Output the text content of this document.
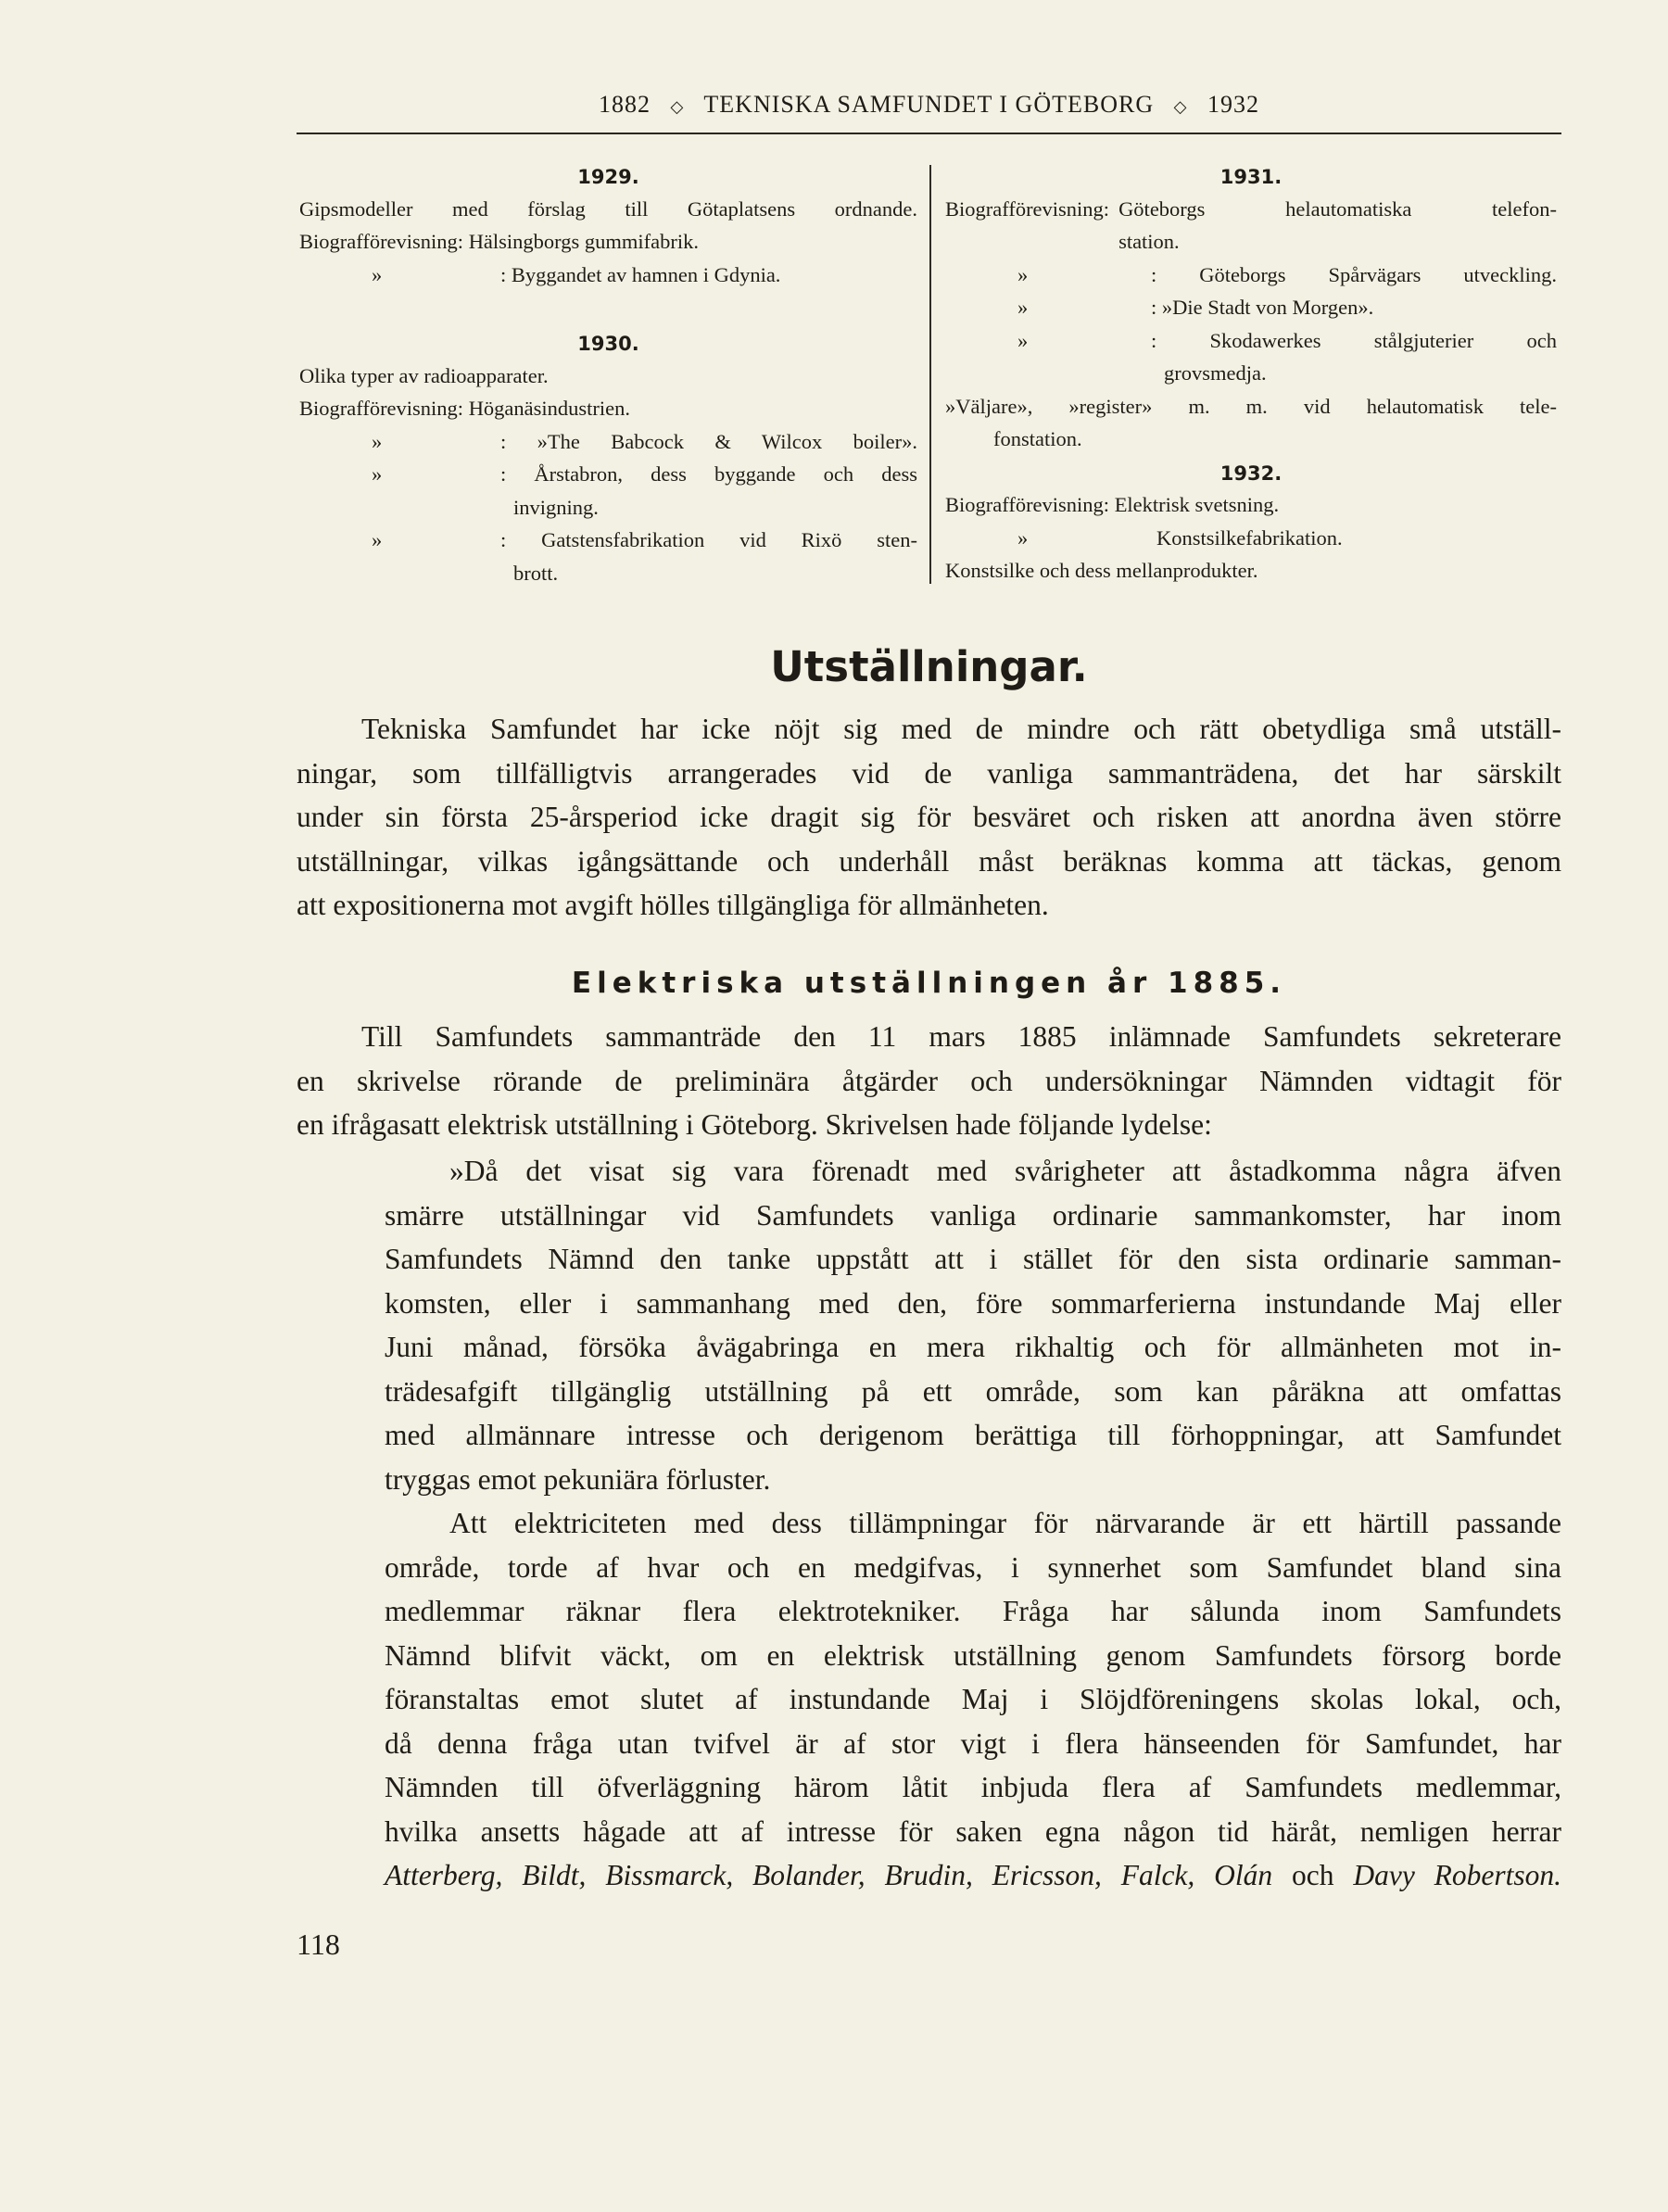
1882 ◇ TEKNISKA SAMFUNDET I GÖTEBORG ◇ 1932
1929.
Gipsmodeller med förslag till Götaplatsens ordnande.
Biografförevisning: Hälsingborgs gummifabrik.
»	: Byggandet av hamnen i Gdynia.
1930.
Olika typer av radioapparater.
Biografförevisning: Höganäsindustrien.
»	: »The Babcock & Wilcox boiler».
»	: Årstabron, dess byggande och dess
invigning.
»	: Gatstensfabrikation vid Rixö sten-
brott.
1931.
Biografförevisning: Göteborgs helautomatiska telefon-
station.
»	: Göteborgs Spårvägars utveckling.
»	: »Die Stadt von Morgen».
»	: Skodawerkes stålgjuterier och
grovsmedja.
»Väljare», »register» m. m. vid helautomatisk tele-
fonstation.
1932.
Biografförevisning: Elektrisk svetsning.
»	Konstsilkefabrikation.
Konstsilke och dess mellanprodukter.
Utställningar.
Tekniska Samfundet har icke nöjt sig med de mindre och rätt obetydliga små utställ-
ningar, som tillfälligtvis arrangerades vid de vanliga sammanträdena, det har särskilt
under sin första 25-årsperiod icke dragit sig för besväret och risken att anordna även större
utställningar, vilkas igångsättande och underhåll måst beräknas komma att täckas, genom
att expositionerna mot avgift hölles tillgängliga för allmänheten.
Elektriska utställningen år 1885.
Till Samfundets sammanträde den 11 mars 1885 inlämnade Samfundets sekreterare
en skrivelse rörande de preliminära åtgärder och undersökningar Nämnden vidtagit för
en ifrågasatt elektrisk utställning i Göteborg. Skrivelsen hade följande lydelse:
»Då det visat sig vara förenadt med svårigheter att åstadkomma några äfven
smärre utställningar vid Samfundets vanliga ordinarie sammankomster, har inom
Samfundets Nämnd den tanke uppstått att i stället för den sista ordinarie samman-
komsten, eller i sammanhang med den, före sommarferierna instundande Maj eller
Juni månad, försöka åvägabringa en mera rikhaltig och för allmänheten mot in-
trädesafgift tillgänglig utställning på ett område, som kan påräkna att omfattas
med allmännare intresse och derigenom berättiga till förhoppningar, att Samfundet
tryggas emot pekuniära förluster.
Att elektriciteten med dess tillämpningar för närvarande är ett härtill passande
område, torde af hvar och en medgifvas, i synnerhet som Samfundet bland sina
medlemmar räknar flera elektrotekniker. Fråga har sålunda inom Samfundets
Nämnd blifvit väckt, om en elektrisk utställning genom Samfundets försorg borde
föranstaltas emot slutet af instundande Maj i Slöjdföreningens skolas lokal, och,
då denna fråga utan tvifvel är af stor vigt i flera hänseenden för Samfundet, har
Nämnden till öfverläggning härom låtit inbjuda flera af Samfundets medlemmar,
hvilka ansetts hågade att af intresse för saken egna någon tid häråt, nemligen herrar
Atterberg, Bildt, Bissmarck, Bolander, Brudin, Ericsson, Falck, Olán och Davy Robertson.
118
